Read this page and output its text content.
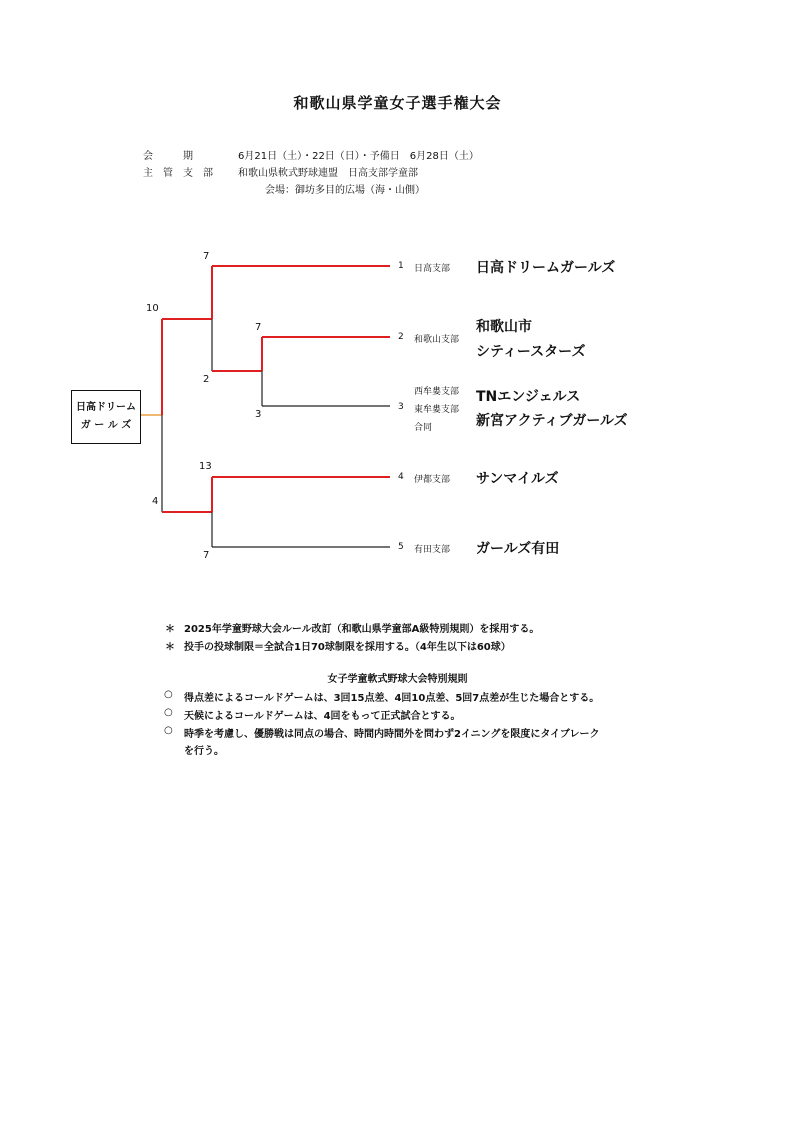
和歌山県学童女子選手権大会
会　　　期	6月21日（土）・22日（日）・予備日　6月28日（土）
主　管　支　部	和歌山県軟式野球連盟　日高支部学童部
会場：御坊多目的広場（海・山側）
日高ドリーム
ガ ー ル ズ
7
10
7
2
3
13
4
7
1 日高支部 日高ドリームガールズ
2 和歌山支部
和歌山市
シティースターズ
西牟婁支部
3 東牟婁支部
合同
TNエンジェルス
新宮アクティブガールズ
4 伊都支部 サンマイルズ
5 有田支部 ガールズ有田
＊ 2025年学童野球大会ルール改訂（和歌山県学童部A級特別規則）を採用する。
＊ 投手の投球制限＝全試合1日70球制限を採用する。（4年生以下は60球）
女子学童軟式野球大会特別規則
○ 得点差によるコールドゲームは、3回15点差、4回10点差、5回7点差が生じた場合とする。
○ 天候によるコールドゲームは、4回をもって正式試合とする。
○ 時季を考慮し、優勝戦は同点の場合、時間内時間外を問わず2イニングを限度にタイブレーク
を行う。
